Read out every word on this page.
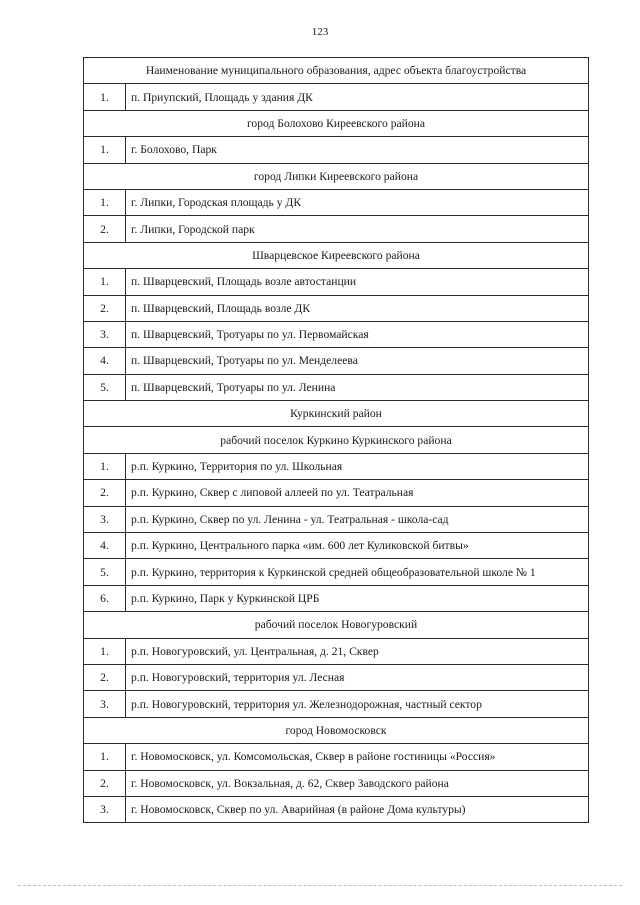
123
Наименование муниципального образования, адрес объекта благоустройства	
1.	п. Приупский, Площадь у здания ДК
город Болохово Киреевского района	
1.	г. Болохово, Парк
город Липки Киреевского района	
1.	г. Липки, Городская площадь у ДК
2.	г. Липки, Городской парк
Шварцевское Киреевского района	
1.	п. Шварцевский, Площадь возле автостанции
2.	п. Шварцевский, Площадь возле ДК
3.	п. Шварцевский, Тротуары по ул. Первомайская
4.	п. Шварцевский, Тротуары по ул. Менделеева
5.	п. Шварцевский, Тротуары по ул. Ленина
Куркинский район	
рабочий поселок Куркино Куркинского района	
1.	р.п. Куркино, Территория по ул. Школьная
2.	р.п. Куркино, Сквер с липовой аллеей по ул. Театральная
3.	р.п. Куркино, Сквер по ул. Ленина - ул. Театральная - школа-сад
4.	р.п. Куркино, Центрального парка «им. 600 лет Куликовской битвы»
5.	р.п. Куркино, территория к Куркинской средней общеобразовательной школе № 1
6.	р.п. Куркино, Парк у Куркинской ЦРБ
рабочий поселок Новогуровский	
1.	р.п. Новогуровский, ул. Центральная, д. 21, Сквер
2.	р.п. Новогуровский, территория ул. Лесная
3.	р.п. Новогуровский, территория ул. Железнодорожная, частный сектор
город Новомосковск	
1.	г. Новомосковск, ул. Комсомольская, Сквер в районе гостиницы «Россия»
2.	г. Новомосковск, ул. Вокзальная, д. 62, Сквер Заводского района
3.	г. Новомосковск, Сквер по ул. Аварийная (в районе Дома культуры)
